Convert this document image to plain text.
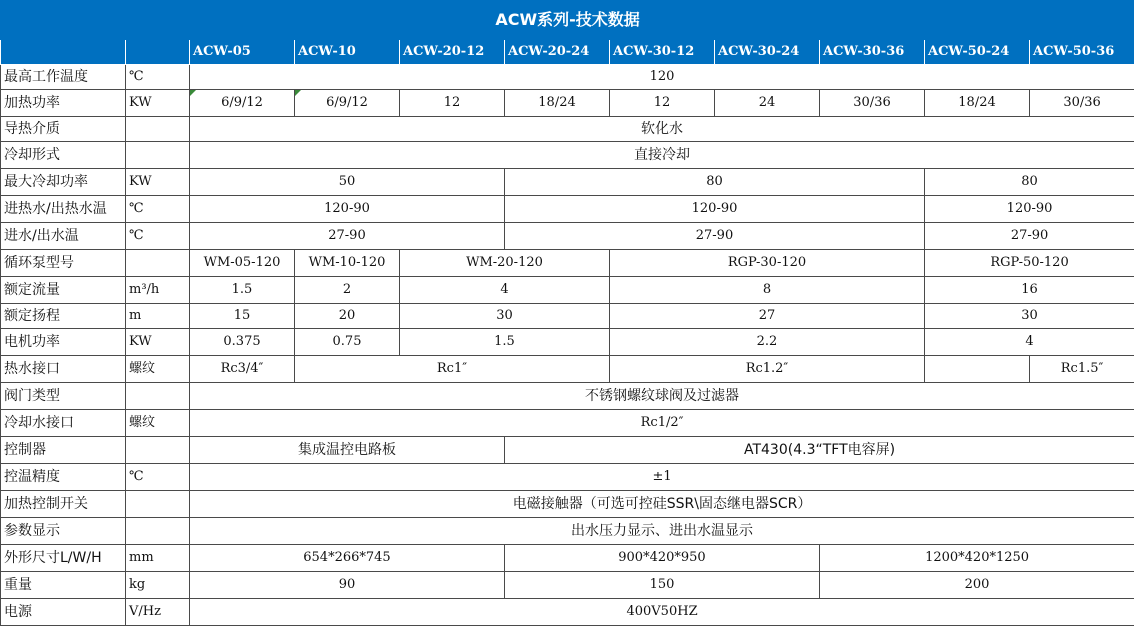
ACW系列-技术数据										
		ACW-05	ACW-10	ACW-20-12	ACW-20-24	ACW-30-12	ACW-30-24	ACW-30-36	ACW-50-24	ACW-50-36
最高工作温度	℃	120								
加热功率	KW	6/9/12	6/9/12	12	18/24	12	24	30/36	18/24	30/36
导热介质		软化水								
冷却形式		直接冷却								
最大冷却功率	KW	50			80				80	
进热水/出热水温	℃	120-90			120-90				120-90	
进水/出水温	℃	27-90			27-90				27-90	
循环泵型号		WM-05-120	WM-10-120	WM-20-120		RGP-30-120			RGP-50-120	
额定流量	m³/h	1.5	2	4		8			16	
额定扬程	m	15	20	30		27			30	
电机功率	KW	0.375	0.75	1.5		2.2			4	
热水接口	螺纹	Rc3/4″	Rc1″			Rc1.2″				Rc1.5″
阀门类型		不锈钢螺纹球阀及过滤器								
冷却水接口	螺纹	Rc1/2″								
控制器		集成温控电路板			AT430(4.3“TFT电容屏)					
控温精度	℃	±1								
加热控制开关		电磁接触器（可选可控硅SSR\固态继电器SCR）								
参数显示		出水压力显示、进出水温显示								
外形尺寸L/W/H	mm	654*266*745			900*420*950			1200*420*1250		
重量	kg	90			150			200		
电源	V/Hz	400V50HZ								
